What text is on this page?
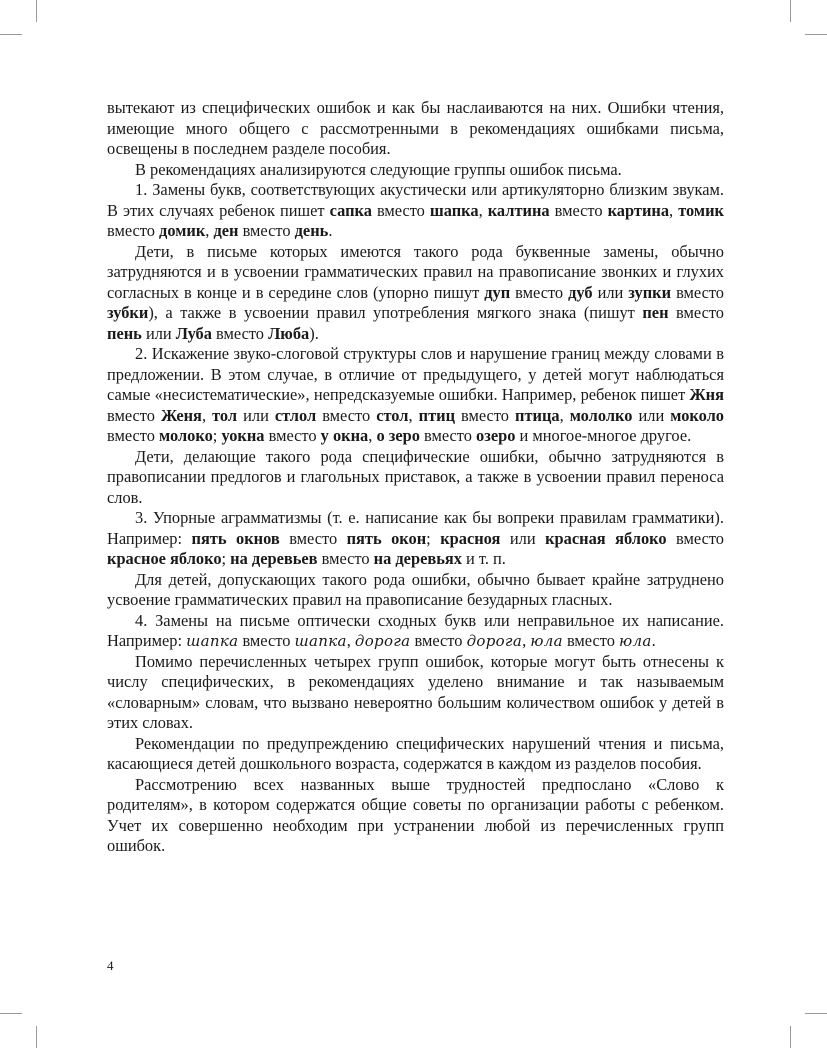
вытекают из специфических ошибок и как бы наслаиваются на них. Ошибки чтения, имеющие много общего с рассмотренными в рекомендациях ошибками письма, освещены в последнем разделе пособия.

В рекомендациях анализируются следующие группы ошибок письма.

1. Замены букв, соответствующих акустически или артикуляторно близким звукам. В этих случаях ребенок пишет сапка вместо шапка, калтина вместо картина, томик вместо домик, ден вместо день.

Дети, в письме которых имеются такого рода буквенные замены, обычно затрудняются и в усвоении грамматических правил на правописание звонких и глухих согласных в конце и в середине слов (упорно пишут дуп вместо дуб или зупки вместо зубки), а также в усвоении правил употребления мягкого знака (пишут пен вместо пень или Луба вместо Люба).

2. Искажение звуко-слоговой структуры слов и нарушение границ между словами в предложении. В этом случае, в отличие от предыдущего, у детей могут наблюдаться самые «несистематические», непредсказуемые ошибки. Например, ребенок пишет Жня вместо Женя, тол или стлол вместо стол, птиц вместо птица, мололко или моколо вместо молоко; уокна вместо у окна, о зеро вместо озеро и многое-многое другое.

Дети, делающие такого рода специфические ошибки, обычно затрудняются в правописании предлогов и глагольных приставок, а также в усвоении правил переноса слов.

3. Упорные аграмматизмы (т. е. написание как бы вопреки правилам грамматики). Например: пять окнов вместо пять окон; красноя или красная яблоко вместо красное яблоко; на деревьев вместо на деревьях и т. п.

Для детей, допускающих такого рода ошибки, обычно бывает крайне затруднено усвоение грамматических правил на правописание безударных гласных.

4. Замены на письме оптически сходных букв или неправильное их написание. Например: шапка вместо шапка, дорога вместо дорога, юла вместо юла.

Помимо перечисленных четырех групп ошибок, которые могут быть отнесены к числу специфических, в рекомендациях уделено внимание и так называемым «словарным» словам, что вызвано невероятно большим количеством ошибок у детей в этих словах.

Рекомендации по предупреждению специфических нарушений чтения и письма, касающиеся детей дошкольного возраста, содержатся в каждом из разделов пособия.

Рассмотрению всех названных выше трудностей предпослано «Слово к родителям», в котором содержатся общие советы по организации работы с ребенком. Учет их совершенно необходим при устранении любой из перечисленных групп ошибок.

4
